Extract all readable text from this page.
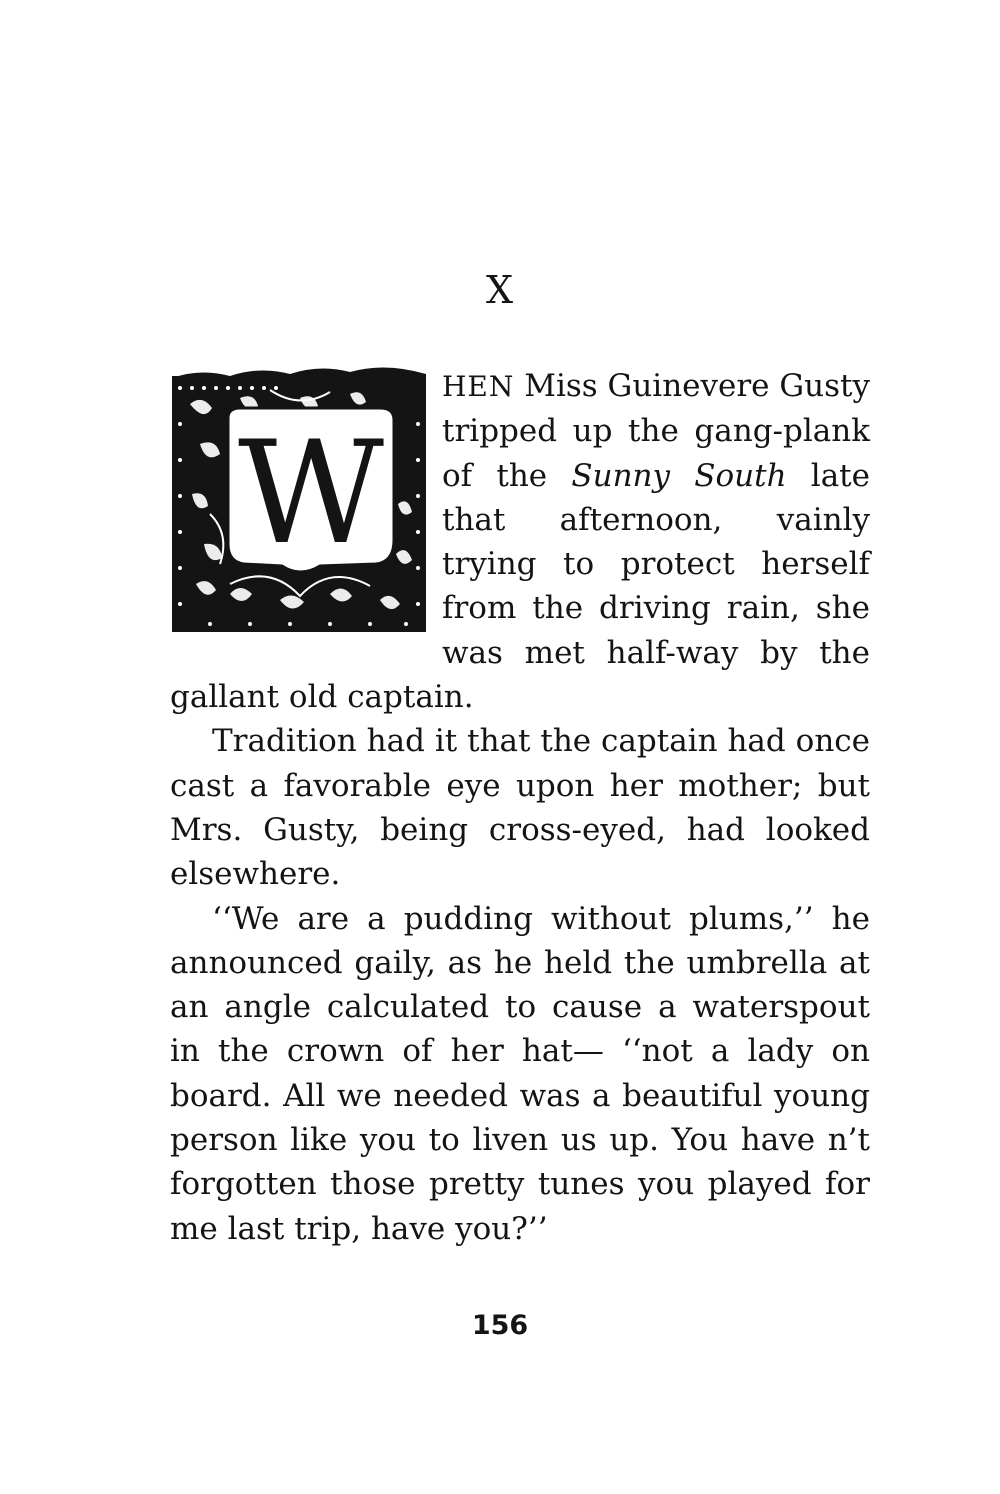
X
W

HEN Miss Guinevere Gusty tripped up the gang-plank of the Sunny South late that afternoon, vainly trying to protect herself from the driving rain, she was met half-way by the gallant old captain.

Tradition had it that the captain had once cast a favorable eye upon her mother; but Mrs. Gusty, being cross-eyed, had looked elsewhere.

‘‘We are a pudding without plums,’’ he announced gaily, as he held the umbrella at an angle calculated to cause a waterspout in the crown of her hat— ‘‘not a lady on board. All we needed was a beautiful young person like you to liven us up. You have n’t forgotten those pretty tunes you played for me last trip, have you?’’

156
